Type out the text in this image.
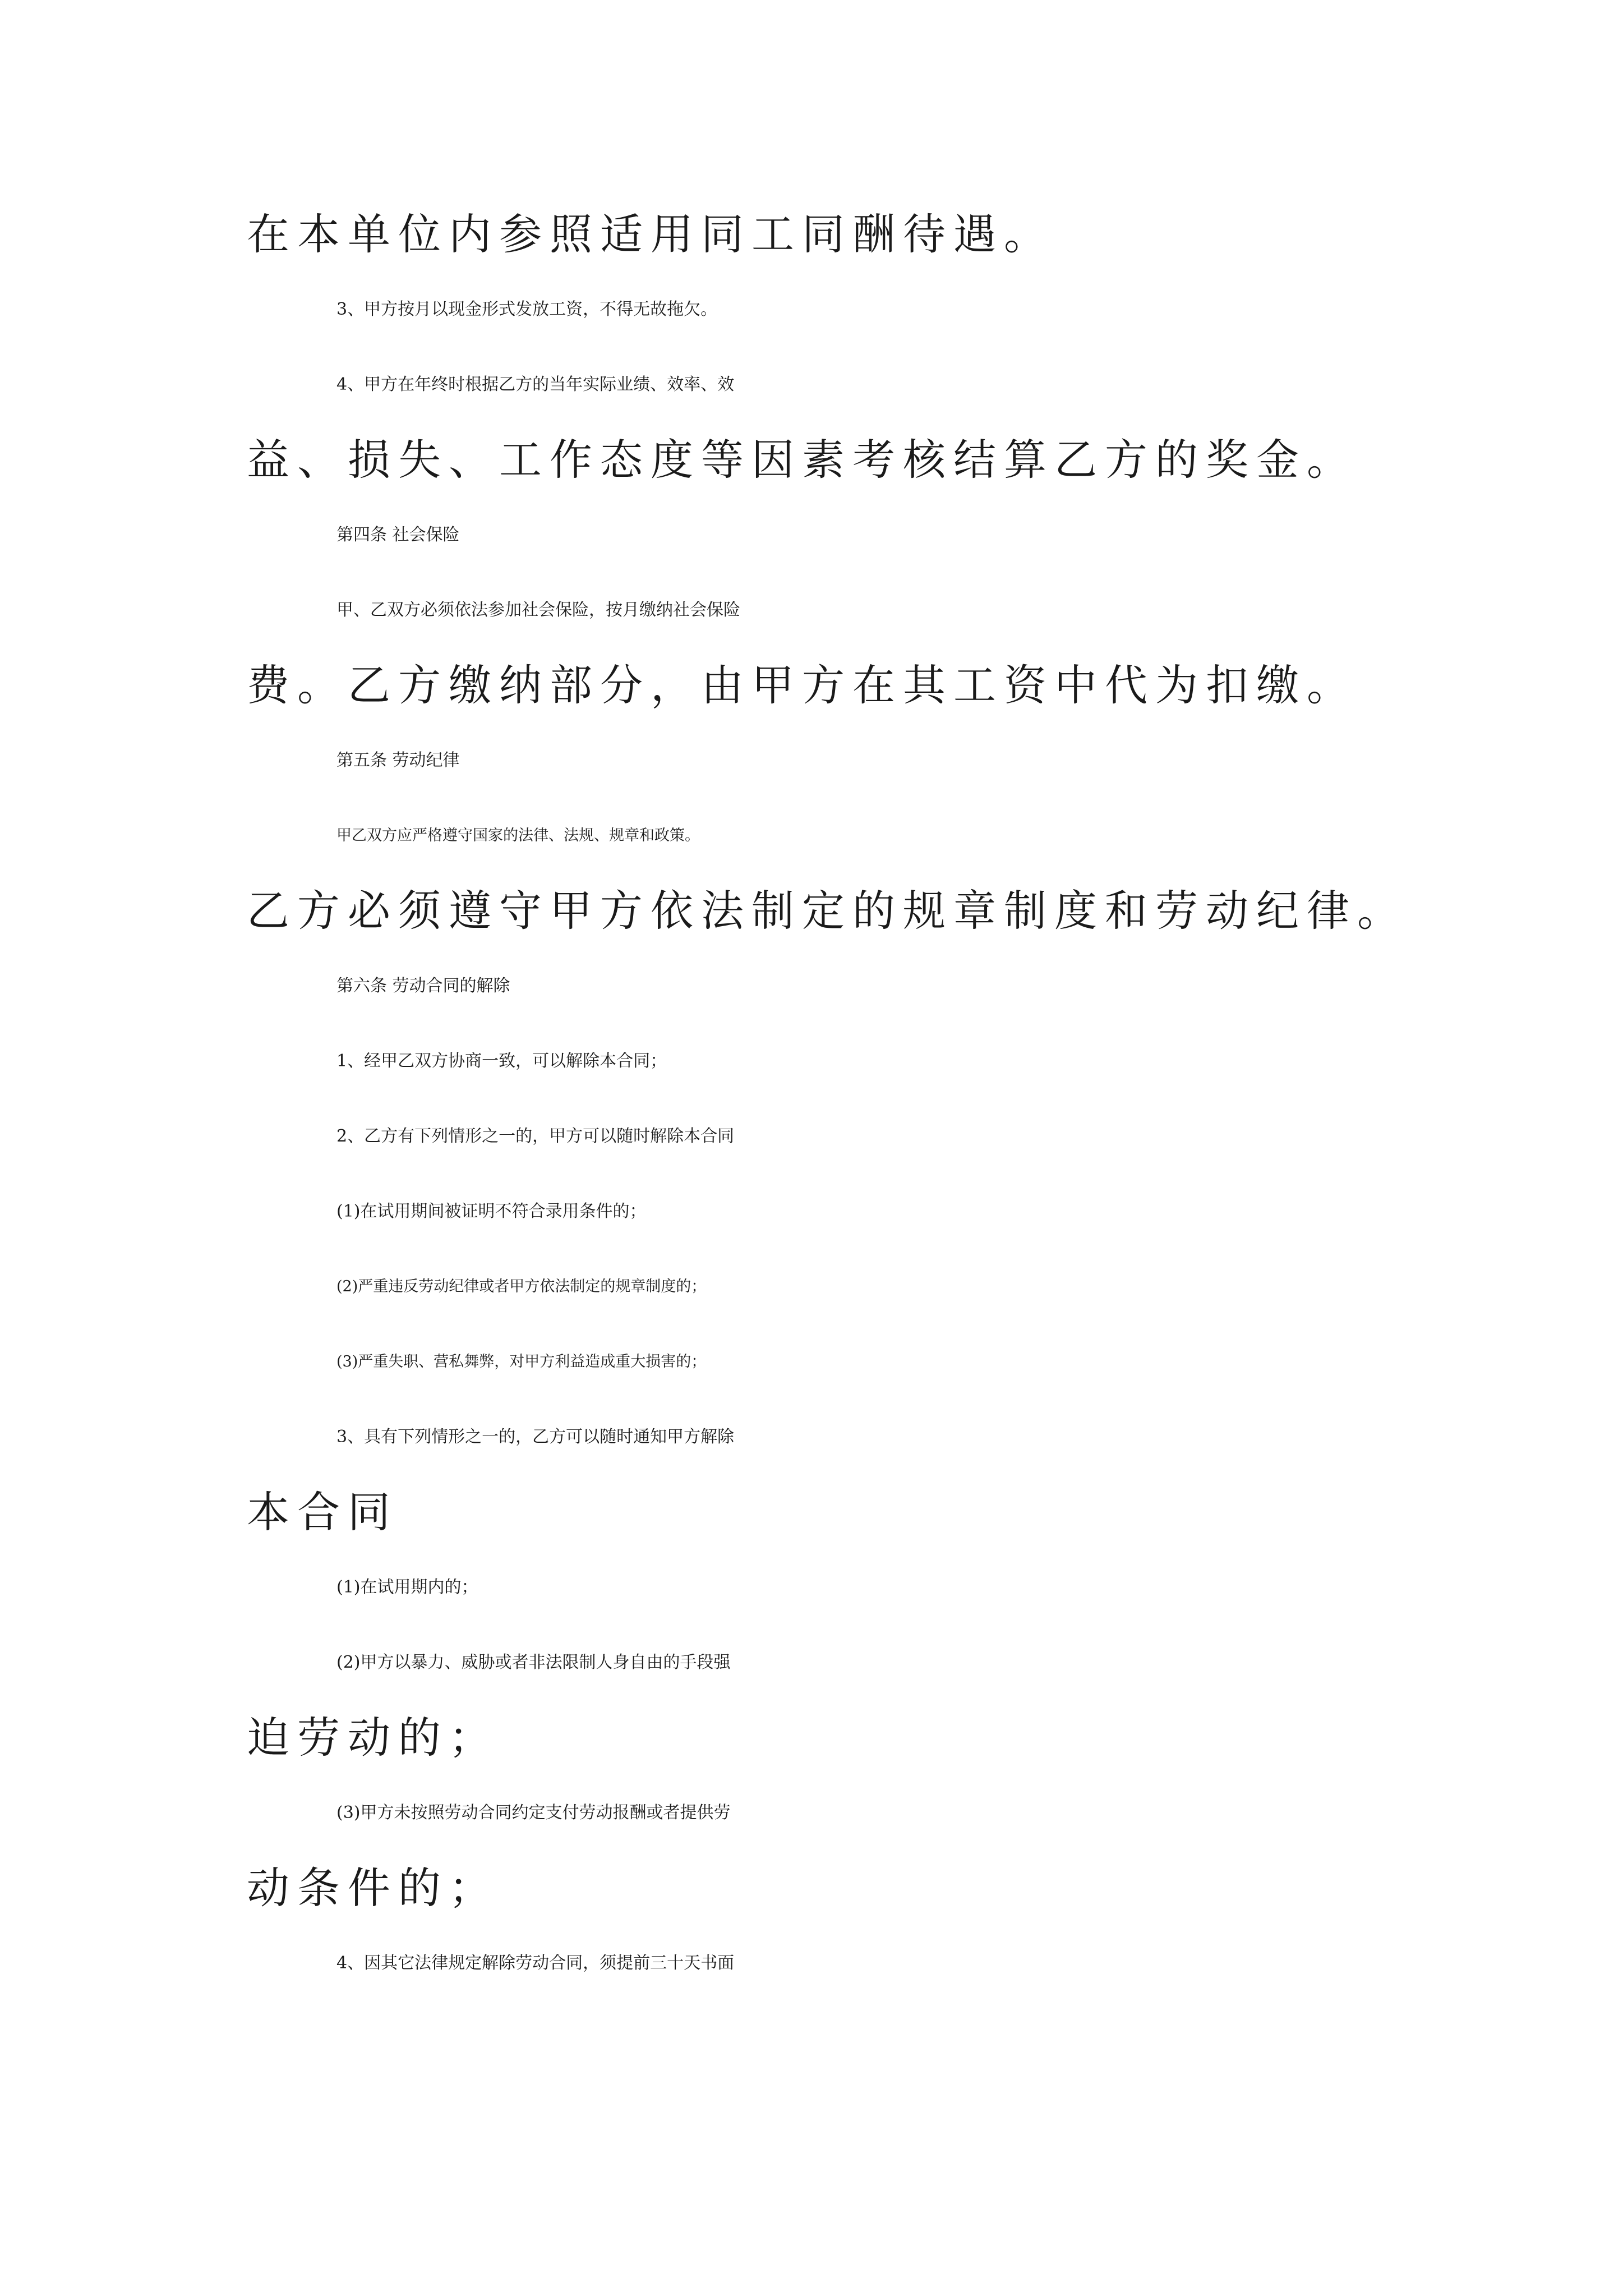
在本单位内参照适用同工同酬待遇。
3、甲方按月以现金形式发放工资，不得无故拖欠。
4、甲方在年终时根据乙方的当年实际业绩、效率、效
益、损失、工作态度等因素考核结算乙方的奖金。
第四条 社会保险
甲、乙双方必须依法参加社会保险，按月缴纳社会保险
费。乙方缴纳部分，由甲方在其工资中代为扣缴。
第五条 劳动纪律
甲乙双方应严格遵守国家的法律、法规、规章和政策。
乙方必须遵守甲方依法制定的规章制度和劳动纪律。
第六条 劳动合同的解除
1、经甲乙双方协商一致，可以解除本合同；
2、乙方有下列情形之一的，甲方可以随时解除本合同
(1)在试用期间被证明不符合录用条件的；
(2)严重违反劳动纪律或者甲方依法制定的规章制度的；
(3)严重失职、营私舞弊，对甲方利益造成重大损害的；
3、具有下列情形之一的，乙方可以随时通知甲方解除
本合同
(1)在试用期内的；
(2)甲方以暴力、威胁或者非法限制人身自由的手段强
迫劳动的；
(3)甲方未按照劳动合同约定支付劳动报酬或者提供劳
动条件的；
4、因其它法律规定解除劳动合同，须提前三十天书面
